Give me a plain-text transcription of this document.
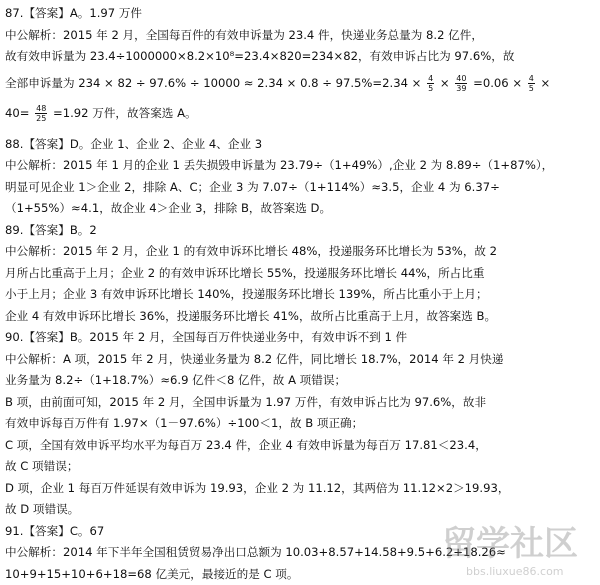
87.【答案】A。1.97 万件
中公解析：2015 年 2 月，全国每百件的有效申诉量为 23.4 件，快递业务总量为 8.2 亿件，
故有效申诉量为 23.4÷1000000×8.2×10⁸=23.4×820=234×82，有效申诉占比为 97.6%，故
全部申诉量为 $234 \times 82 \div 97.6\% \div 10000 \approx 2.34 \times 0.8 \div 97.5\%=2.34 \times \frac{4}{5} \times \frac{40}{39} =0.06 \times \frac{4}{5}$ ×
$40= \frac{48}{25} =1.92$ 万件，故答案选 A。
88.【答案】D。企业 1、企业 2、企业 4、企业 3
中公解析：2015 年 1 月的企业 1 丢失损毁申诉量为 23.79÷（1+49%）,企业 2 为 8.89÷（1+87%），
明显可见企业 1＞企业 2，排除 A、C；企业 3 为 7.07÷（1+114%）≈3.5，企业 4 为 6.37÷
（1+55%）≈4.1，故企业 4＞企业 3，排除 B，故答案选 D。
89.【答案】B。2
中公解析：2015 年 2 月，企业 1 的有效申诉环比增长 48%，投递服务环比增长为 53%，故 2
月所占比重高于上月；企业 2 的有效申诉环比增长 55%，投递服务环比增长 44%，所占比重
小于上月；企业 3 有效申诉环比增长 140%，投递服务环比增长 139%，所占比重小于上月；
企业 4 有效申诉环比增长 36%，投递服务环比增长 41%，故所占比重高于上月，故答案选 B。
90.【答案】B。2015 年 2 月，全国每百万件快递业务中，有效申诉不到 1 件
中公解析：A 项，2015 年 2 月，快递业务量为 8.2 亿件，同比增长 18.7%，2014 年 2 月快递
业务量为 8.2÷（1+18.7%）≈6.9 亿件＜8 亿件，故 A 项错误；
B 项，由前面可知，2015 年 2 月，全国申诉量为 1.97 万件，有效申诉占比为 97.6%，故非
有效申诉每百万件有 1.97×（1－97.6%）÷100＜1，故 B 项正确；
C 项，全国有效申诉平均水平为每百万 23.4 件，企业 4 有效申诉量为每百万 17.81＜23.4，
故 C 项错误；
D 项，企业 1 每百万件延误有效申诉为 19.93，企业 2 为 11.12，其两倍为 11.12×2＞19.93，
故 D 项错误。
91.【答案】C。67
中公解析：2014 年下半年全国租赁贸易净出口总额为 10.03+8.57+14.58+9.5+6.2+18.26≈
10+9+15+10+6+18=68 亿美元，最接近的是 C 项。
留学社区
bbs.liuxue86.com
